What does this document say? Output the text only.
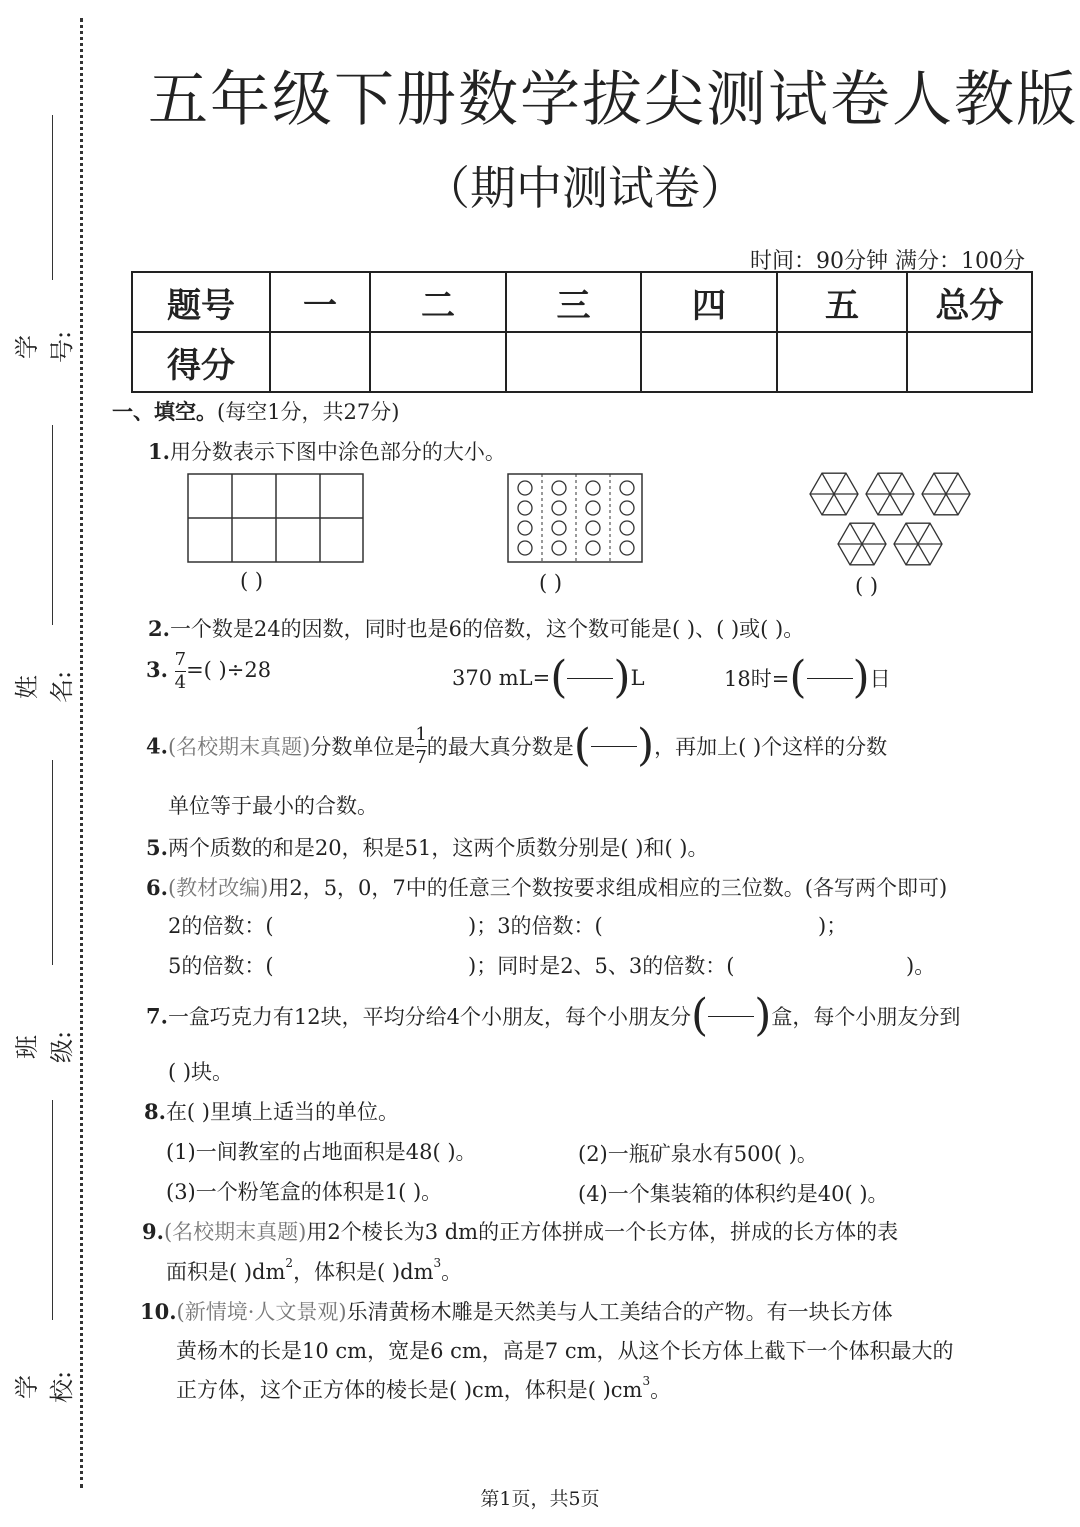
学号:
姓名:
班级:
学校:
五年级下册数学拔尖测试卷人教版
（期中测试卷）
时间：90分钟 满分：100分
题号	一	二	三	四	五	总分
得分						
一、填空。(每空1分，共27分)
1.用分数表示下图中涂色部分的大小。
( )	( )	( )
2.一个数是24的因数，同时也是6的倍数，这个数可能是( )、( )或( )。
3. $\frac{7}{4}$ =( )÷28	370 mL=( )L	18时=( )日
4.(名校期末真题)分数单位是 $\frac{1}{7}$ 的最大真分数是( )，再加上( )个这样的分数
单位等于最小的合数。
5.两个质数的和是20，积是51，这两个质数分别是( )和( )。
6.(教材改编)用2，5，0，7中的任意三个数按要求组成相应的三位数。(各写两个即可)
2的倍数：(	)；3的倍数：(	)；
5的倍数：(	)；同时是2、5、3的倍数：(	)。
7.一盒巧克力有12块，平均分给4个小朋友，每个小朋友分( )盒，每个小朋友分到
( )块。
8.在( )里填上适当的单位。
(1)一间教室的占地面积是48( )。	(2)一瓶矿泉水有500( )。
(3)一个粉笔盒的体积是1( )。	(4)一个集装箱的体积约是40( )。
9.(名校期末真题)用2个棱长为3 dm的正方体拼成一个长方体，拼成的长方体的表
面积是( )$dm^2$，体积是( )$dm^3$。
10.(新情境·人文景观)乐清黄杨木雕是天然美与人工美结合的产物。有一块长方体
黄杨木的长是10 cm，宽是6 cm，高是7 cm，从这个长方体上截下一个体积最大的
正方体，这个正方体的棱长是( )cm，体积是( )$cm^3$。
第1页，共5页
